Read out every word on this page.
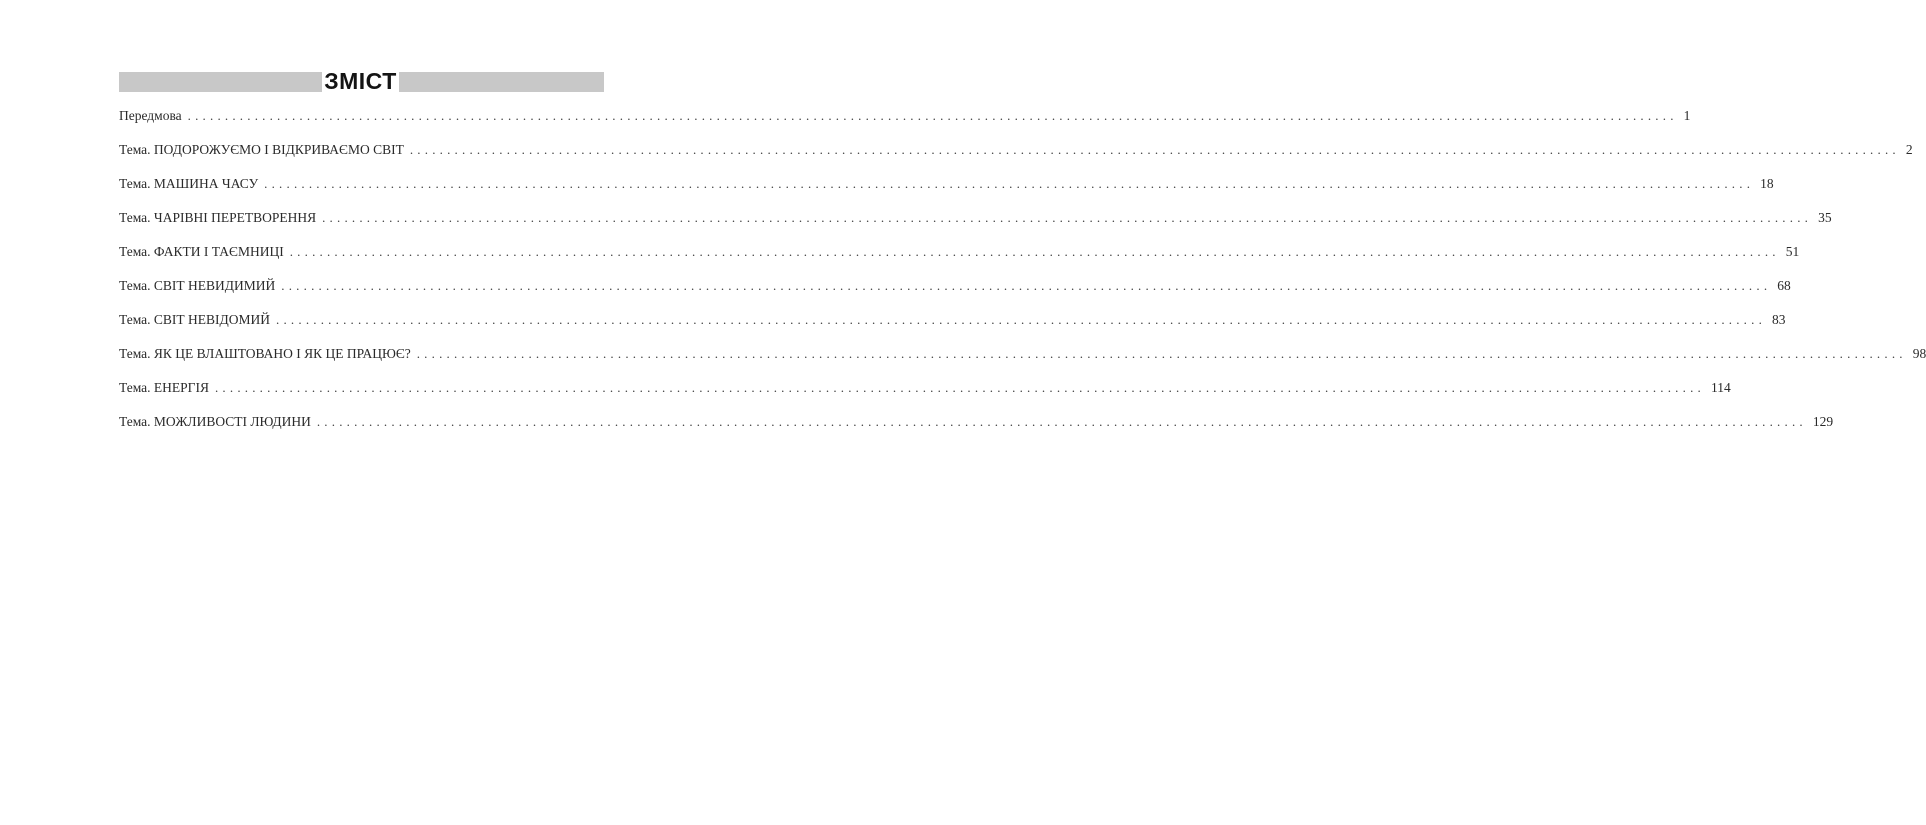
ЗМІСТ
Передмова ........................................................................................................................................................................................................ 1
Тема. ПОДОРОЖУЄМО І ВІДКРИВАЄМО СВІТ ........................................................................................................................................................................................................ 2
Тема. МАШИНА ЧАСУ ........................................................................................................................................................................................................ 18
Тема. ЧАРІВНІ ПЕРЕТВОРЕННЯ ........................................................................................................................................................................................................ 35
Тема. ФАКТИ І ТАЄМНИЦІ ........................................................................................................................................................................................................ 51
Тема. СВІТ НЕВИДИМИЙ ........................................................................................................................................................................................................ 68
Тема. СВІТ НЕВІДОМИЙ ........................................................................................................................................................................................................ 83
Тема. ЯК ЦЕ ВЛАШТОВАНО І ЯК ЦЕ ПРАЦЮЄ? ........................................................................................................................................................................................................ 98
Тема. ЕНЕРГІЯ ........................................................................................................................................................................................................ 114
Тема. МОЖЛИВОСТІ ЛЮДИНИ ........................................................................................................................................................................................................ 129
